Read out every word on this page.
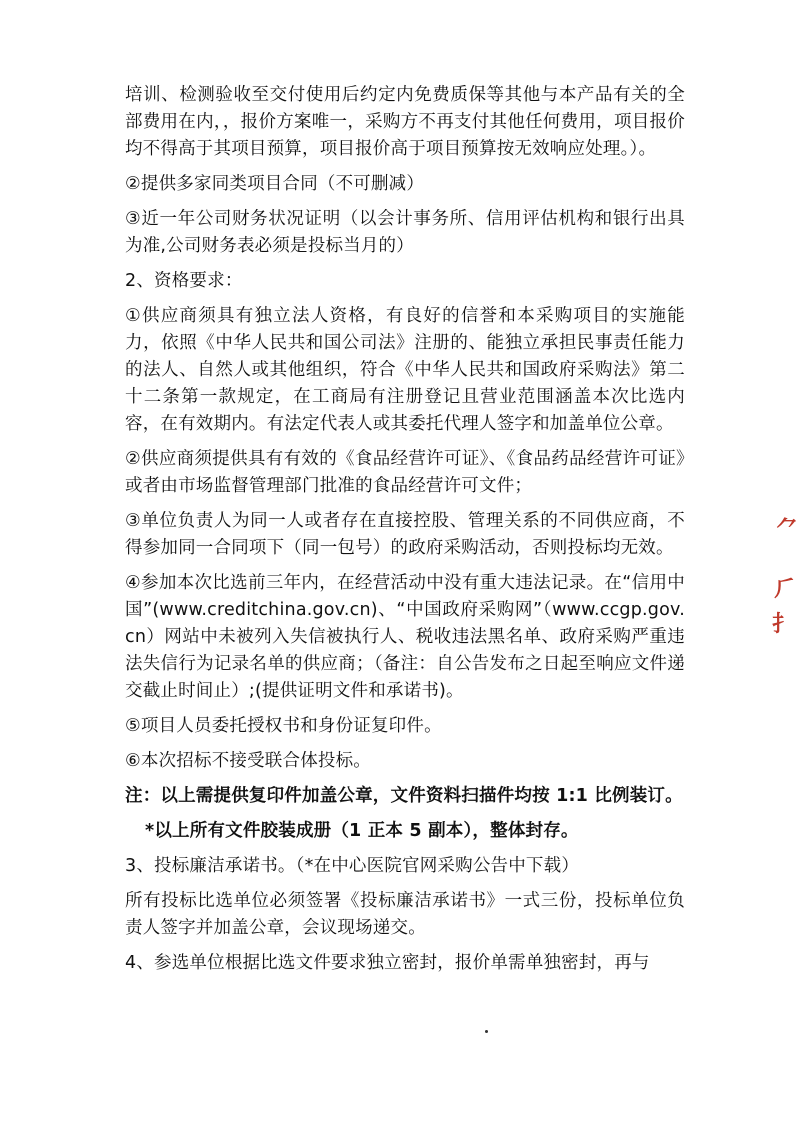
培训、检测验收至交付使用后约定内免费质保等其他与本产品有关的全部费用在内，，报价方案唯一，采购方不再支付其他任何费用，项目报价均不得高于其项目预算，项目报价高于项目预算按无效响应处理。）。

②提供多家同类项目合同（不可删减）

③近一年公司财务状况证明（以会计事务所、信用评估机构和银行出具为准,公司财务表必须是投标当月的）

2、资格要求：

①供应商须具有独立法人资格，有良好的信誉和本采购项目的实施能力，依照《中华人民共和国公司法》注册的、能独立承担民事责任能力的法人、自然人或其他组织，符合《中华人民共和国政府采购法》第二十二条第一款规定，在工商局有注册登记且营业范围涵盖本次比选内容，在有效期内。有法定代表人或其委托代理人签字和加盖单位公章。

②供应商须提供具有有效的《食品经营许可证》、《食品药品经营许可证》或者由市场监督管理部门批准的食品经营许可文件；

③单位负责人为同一人或者存在直接控股、管理关系的不同供应商，不得参加同一合同项下（同一包号）的政府采购活动，否则投标均无效。

④参加本次比选前三年内，在经营活动中没有重大违法记录。在“信用中国”(www.creditchina.gov.cn)、“中国政府采购网”（www.ccgp.gov.cn）网站中未被列入失信被执行人、税收违法黑名单、政府采购严重违法失信行为记录名单的供应商；（备注：自公告发布之日起至响应文件递交截止时间止）;(提供证明文件和承诺书)。

⑤项目人员委托授权书和身份证复印件。

⑥本次招标不接受联合体投标。

注：以上需提供复印件加盖公章，文件资料扫描件均按 1:1 比例装订。

*以上所有文件胶装成册（1 正本 5 副本），整体封存。

3、投标廉洁承诺书。（*在中心医院官网采购公告中下载）

所有投标比选单位必须签署《投标廉洁承诺书》一式三份，投标单位负责人签字并加盖公章，会议现场递交。

4、参选单位根据比选文件要求独立密封，报价单需单独密封，再与

⺈
⺁
⺘
